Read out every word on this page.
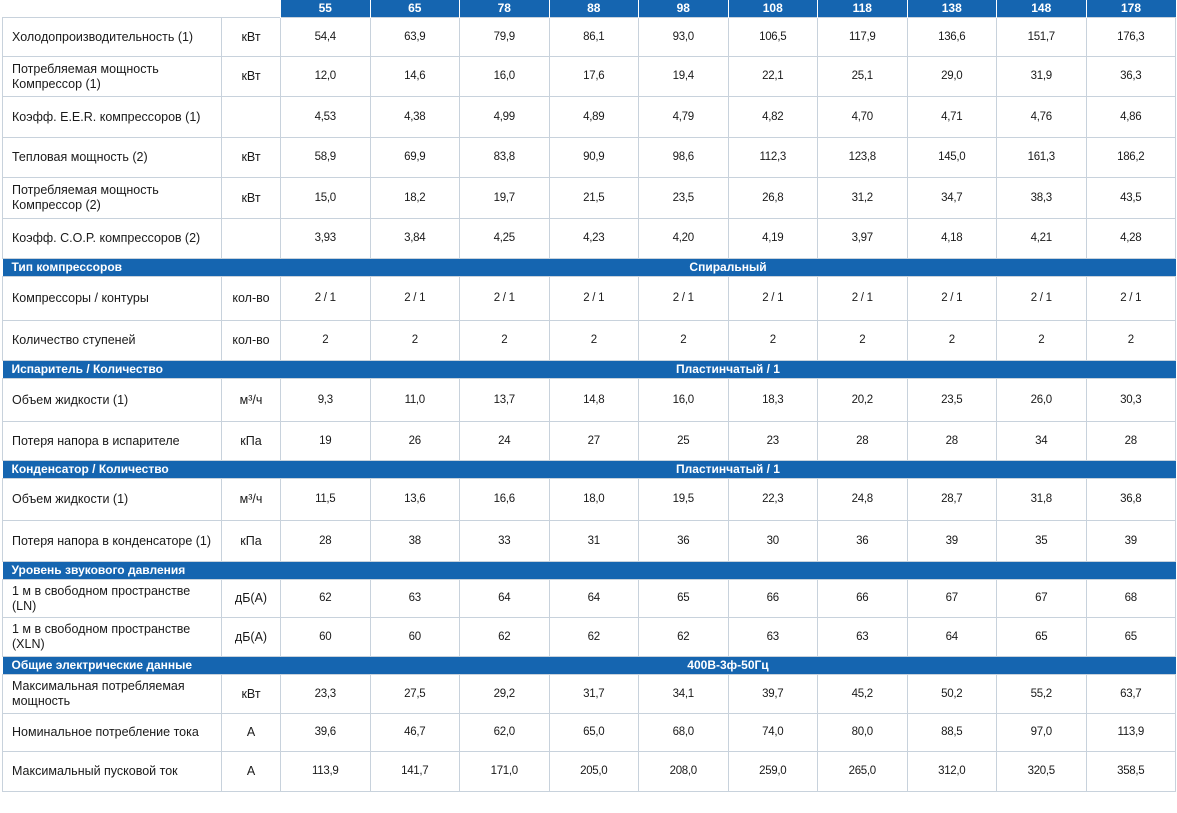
		55	65	78	88	98	108	118	138	148	178
Холодопроизводительность (1)	кВт	54,4	63,9	79,9	86,1	93,0	106,5	117,9	136,6	151,7	176,3
Потребляемая мощность Компрессор (1)	кВт	12,0	14,6	16,0	17,6	19,4	22,1	25,1	29,0	31,9	36,3
Коэфф. E.E.R. компрессоров (1)		4,53	4,38	4,99	4,89	4,79	4,82	4,70	4,71	4,76	4,86
Тепловая мощность (2)	кВт	58,9	69,9	83,8	90,9	98,6	112,3	123,8	145,0	161,3	186,2
Потребляемая мощность Компрессор (2)	кВт	15,0	18,2	19,7	21,5	23,5	26,8	31,2	34,7	38,3	43,5
Коэфф. C.O.P. компрессоров (2)		3,93	3,84	4,25	4,23	4,20	4,19	3,97	4,18	4,21	4,28
Тип компрессоров		Спиральный									
Компрессоры / контуры	кол-во	2 / 1	2 / 1	2 / 1	2 / 1	2 / 1	2 / 1	2 / 1	2 / 1	2 / 1	2 / 1
Количество ступеней	кол-во	2	2	2	2	2	2	2	2	2	2
Испаритель / Количество		Пластинчатый / 1									
Объем жидкости (1)	м³/ч	9,3	11,0	13,7	14,8	16,0	18,3	20,2	23,5	26,0	30,3
Потеря напора в испарителе	кПа	19	26	24	27	25	23	28	28	34	28
Конденсатор / Количество		Пластинчатый / 1									
Объем жидкости (1)	м³/ч	11,5	13,6	16,6	18,0	19,5	22,3	24,8	28,7	31,8	36,8
Потеря напора в конденсаторе (1)	кПа	28	38	33	31	36	30	36	39	35	39
Уровень звукового давления											
1 м в свободном пространстве (LN)	дБ(А)	62	63	64	64	65	66	66	67	67	68
1 м в свободном пространстве (XLN)	дБ(А)	60	60	62	62	62	63	63	64	65	65
Общие электрические данные		400В-3ф-50Гц									
Максимальная потребляемая мощность	кВт	23,3	27,5	29,2	31,7	34,1	39,7	45,2	50,2	55,2	63,7
Номинальное потребление тока	А	39,6	46,7	62,0	65,0	68,0	74,0	80,0	88,5	97,0	113,9
Максимальный пусковой ток	А	113,9	141,7	171,0	205,0	208,0	259,0	265,0	312,0	320,5	358,5
